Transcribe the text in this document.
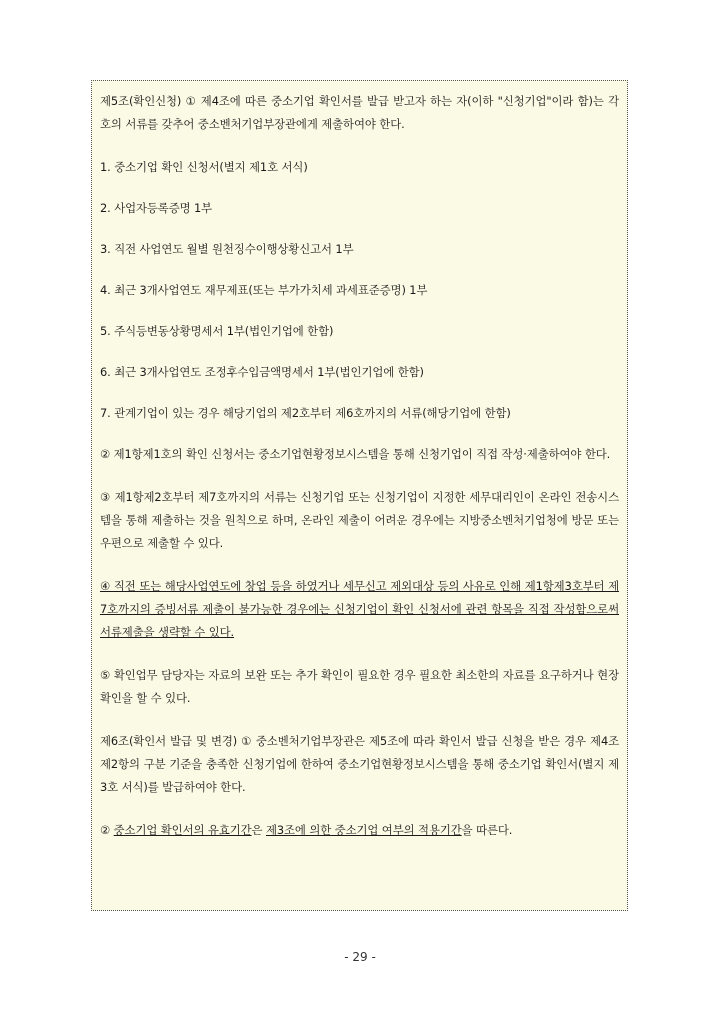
제5조(확인신청) ① 제4조에 따른 중소기업 확인서를 발급 받고자 하는 자(이하 "신청기업"이라 함)는 각 호의 서류를 갖추어 중소벤처기업부장관에게 제출하여야 한다.

1. 중소기업 확인 신청서(별지 제1호 서식)

2. 사업자등록증명 1부

3. 직전 사업연도 월별 원천징수이행상황신고서 1부

4. 최근 3개사업연도 재무제표(또는 부가가치세 과세표준증명) 1부

5. 주식등변동상황명세서 1부(법인기업에 한함)

6. 최근 3개사업연도 조정후수입금액명세서 1부(법인기업에 한함)

7. 관계기업이 있는 경우 해당기업의 제2호부터 제6호까지의 서류(해당기업에 한함)

② 제1항제1호의 확인 신청서는 중소기업현황정보시스템을 통해 신청기업이 직접 작성·제출하여야 한다.

③ 제1항제2호부터 제7호까지의 서류는 신청기업 또는 신청기업이 지정한 세무대리인이 온라인 전송시스템을 통해 제출하는 것을 원칙으로 하며, 온라인 제출이 어려운 경우에는 지방중소벤처기업청에 방문 또는 우편으로 제출할 수 있다.

④ 직전 또는 해당사업연도에 창업 등을 하였거나 세무신고 제외대상 등의 사유로 인해 제1항제3호부터 제7호까지의 증빙서류 제출이 불가능한 경우에는 신청기업이 확인 신청서에 관련 항목을 직접 작성함으로써 서류제출을 생략할 수 있다.

⑤ 확인업무 담당자는 자료의 보완 또는 추가 확인이 필요한 경우 필요한 최소한의 자료를 요구하거나 현장 확인을 할 수 있다.

제6조(확인서 발급 및 변경) ① 중소벤처기업부장관은 제5조에 따라 확인서 발급 신청을 받은 경우 제4조제2항의 구분 기준을 충족한 신청기업에 한하여 중소기업현황정보시스템을 통해 중소기업 확인서(별지 제3호 서식)를 발급하여야 한다.

② 중소기업 확인서의 유효기간은 제3조에 의한 중소기업 여부의 적용기간을 따른다.

- 29 -
